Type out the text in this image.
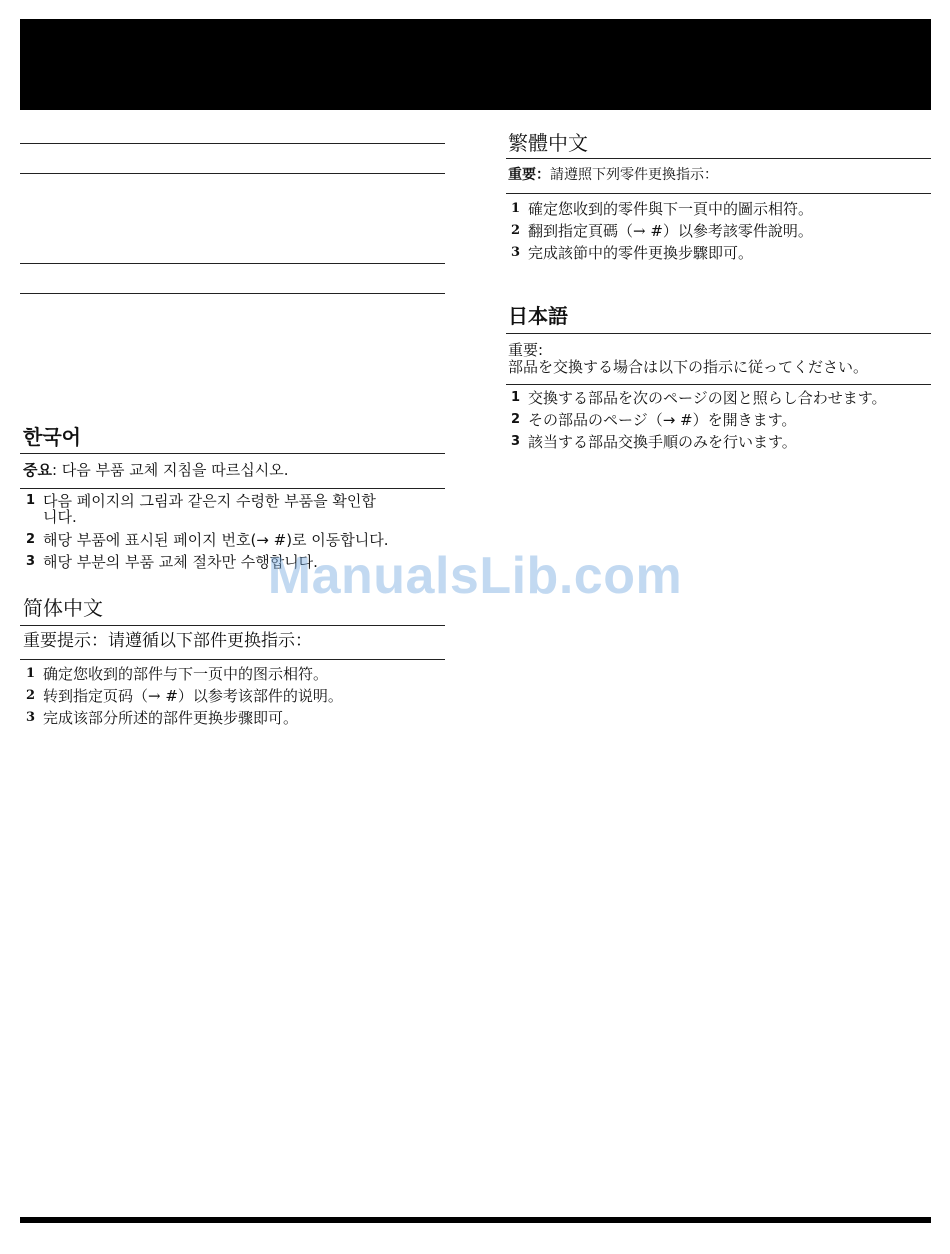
한국어

중요: 다음 부품 교체 지침을 따르십시오.

1 다음 페이지의 그림과 같은지 수령한 부품을 확인합니다.
2 해당 부품에 표시된 페이지 번호(→ #)로 이동합니다.
3 해당 부분의 부품 교체 절차만 수행합니다.
简体中文

重要提示：请遵循以下部件更换指示：

1 确定您收到的部件与下一页中的图示相符。
2 转到指定页码（→ #）以参考该部件的说明。
3 完成该部分所述的部件更换步骤即可。
繁體中文

重要：請遵照下列零件更換指示：

1 確定您收到的零件與下一頁中的圖示相符。
2 翻到指定頁碼（→ #）以參考該零件說明。
3 完成該節中的零件更換步驟即可。
日本語

重要:

部品を交換する場合は以下の指示に従ってください。

1 交換する部品を次のページの図と照らし合わせます。
2 その部品のページ（→ #）を開きます。
3 該当する部品交換手順のみを行います。
ManualsLib.com
